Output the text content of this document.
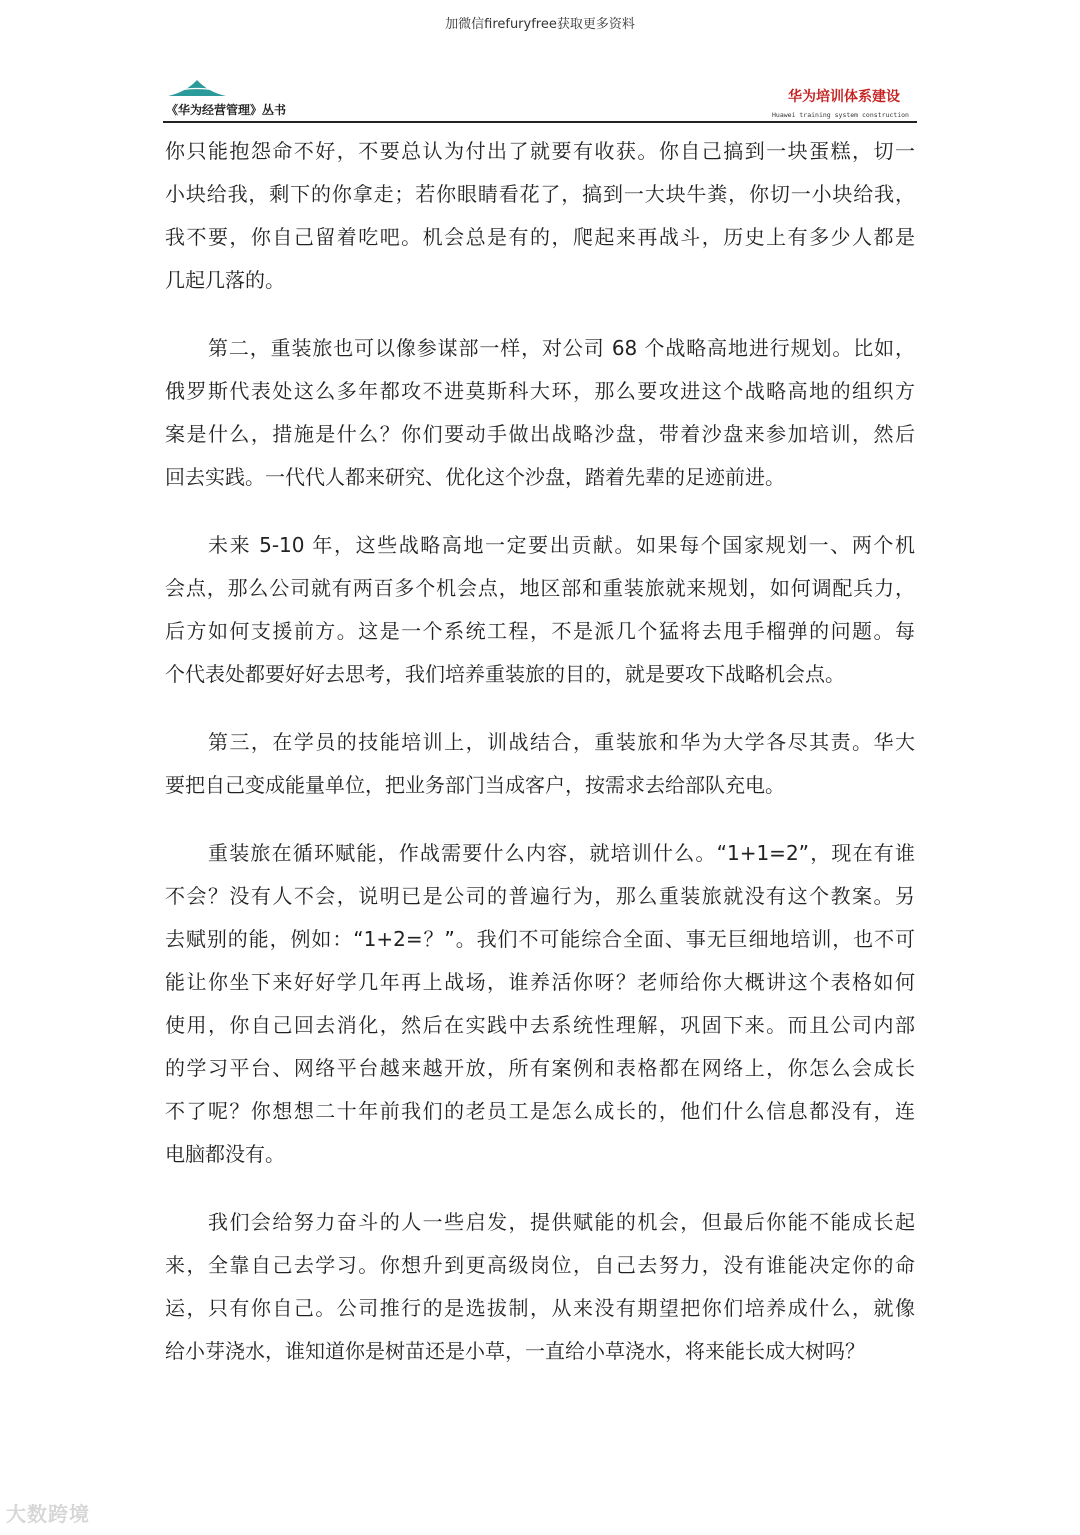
加微信firefuryfree获取更多资料
《华为经营管理》丛书
华为培训体系建设
Huawei training system construction
你只能抱怨命不好，不要总认为付出了就要有收获。你自己搞到一块蛋糕，切一
小块给我，剩下的你拿走；若你眼睛看花了，搞到一大块牛粪，你切一小块给我，
我不要，你自己留着吃吧。机会总是有的，爬起来再战斗，历史上有多少人都是
几起几落的。
第二，重装旅也可以像参谋部一样，对公司 68 个战略高地进行规划。比如，
俄罗斯代表处这么多年都攻不进莫斯科大环，那么要攻进这个战略高地的组织方
案是什么，措施是什么？你们要动手做出战略沙盘，带着沙盘来参加培训，然后
回去实践。一代代人都来研究、优化这个沙盘，踏着先辈的足迹前进。
未来 5-10 年，这些战略高地一定要出贡献。如果每个国家规划一、两个机
会点，那么公司就有两百多个机会点，地区部和重装旅就来规划，如何调配兵力，
后方如何支援前方。这是一个系统工程，不是派几个猛将去甩手榴弹的问题。每
个代表处都要好好去思考，我们培养重装旅的目的，就是要攻下战略机会点。
第三，在学员的技能培训上，训战结合，重装旅和华为大学各尽其责。华大
要把自己变成能量单位，把业务部门当成客户，按需求去给部队充电。
重装旅在循环赋能，作战需要什么内容，就培训什么。“1+1=2”，现在有谁
不会？没有人不会，说明已是公司的普遍行为，那么重装旅就没有这个教案。另
去赋别的能，例如：“1+2=？”。我们不可能综合全面、事无巨细地培训，也不可
能让你坐下来好好学几年再上战场，谁养活你呀？老师给你大概讲这个表格如何
使用，你自己回去消化，然后在实践中去系统性理解，巩固下来。而且公司内部
的学习平台、网络平台越来越开放，所有案例和表格都在网络上，你怎么会成长
不了呢？你想想二十年前我们的老员工是怎么成长的，他们什么信息都没有，连
电脑都没有。
我们会给努力奋斗的人一些启发，提供赋能的机会，但最后你能不能成长起
来，全靠自己去学习。你想升到更高级岗位，自己去努力，没有谁能决定你的命
运，只有你自己。公司推行的是选拔制，从来没有期望把你们培养成什么，就像
给小芽浇水，谁知道你是树苗还是小草，一直给小草浇水，将来能长成大树吗？
大数跨境
